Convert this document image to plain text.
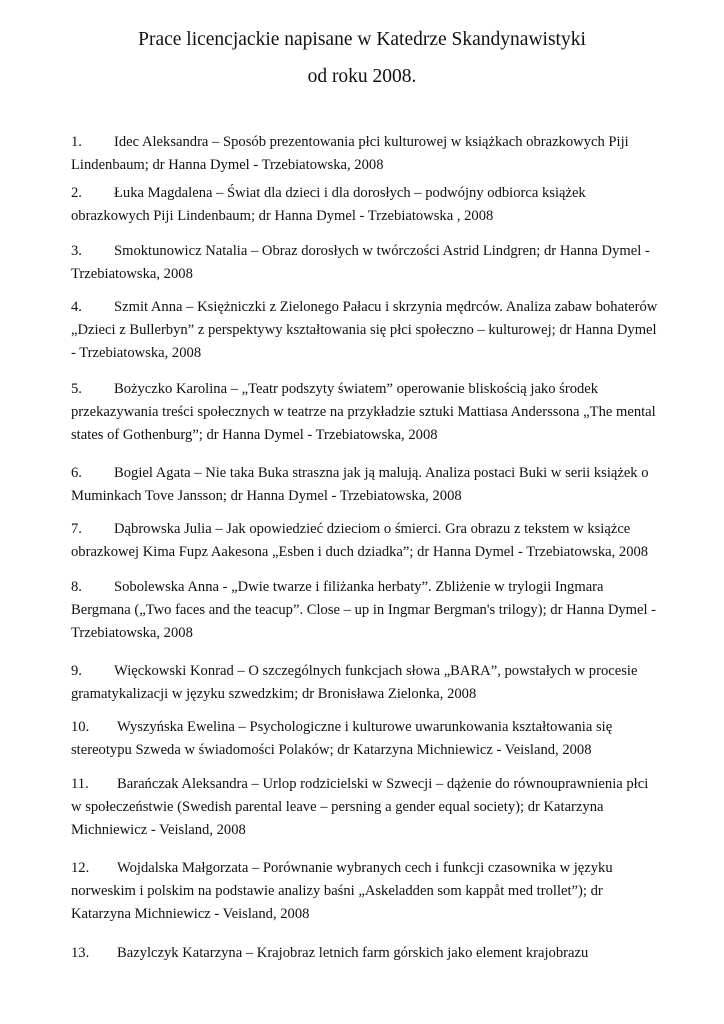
Prace licencjackie napisane w Katedrze Skandynawistyki
od roku 2008.

1. Idec Aleksandra – Sposób prezentowania płci kulturowej w książkach obrazkowych Piji Lindenbaum; dr Hanna Dymel - Trzebiatowska, 2008

2. Łuka Magdalena – Świat dla dzieci i dla dorosłych – podwójny odbiorca książek obrazkowych Piji Lindenbaum; dr Hanna Dymel - Trzebiatowska , 2008

3. Smoktunowicz Natalia – Obraz dorosłych w twórczości Astrid Lindgren; dr Hanna Dymel - Trzebiatowska, 2008

4. Szmit Anna – Księżniczki z Zielonego Pałacu i skrzynia mędrców. Analiza zabaw bohaterów „Dzieci z Bullerbyn” z perspektywy kształtowania się płci społeczno – kulturowej; dr Hanna Dymel - Trzebiatowska, 2008

5. Bożyczko Karolina – „Teatr podszyty światem” operowanie bliskością jako środek przekazywania treści społecznych w teatrze na przykładzie sztuki Mattiasa Anderssona „The mental states of Gothenburg”; dr Hanna Dymel - Trzebiatowska, 2008

6. Bogiel Agata – Nie taka Buka straszna jak ją malują. Analiza postaci Buki w serii książek o Muminkach Tove Jansson; dr Hanna Dymel - Trzebiatowska, 2008

7. Dąbrowska Julia – Jak opowiedzieć dzieciom o śmierci. Gra obrazu z tekstem w książce obrazkowej Kima Fupz Aakesona „Esben i duch dziadka”; dr Hanna Dymel - Trzebiatowska, 2008

8. Sobolewska Anna - „Dwie twarze i filiżanka herbaty”. Zbliżenie w trylogii Ingmara Bergmana („Two faces and the teacup”. Close – up in Ingmar Bergman's trilogy); dr Hanna Dymel - Trzebiatowska, 2008

9. Więckowski Konrad – O szczególnych funkcjach słowa „BARA”, powstałych w procesie gramatykalizacji w języku szwedzkim; dr Bronisława Zielonka, 2008

10. Wyszyńska Ewelina – Psychologiczne i kulturowe uwarunkowania kształtowania się stereotypu Szweda w świadomości Polaków; dr Katarzyna Michniewicz - Veisland, 2008

11. Barańczak Aleksandra – Urlop rodzicielski w Szwecji – dążenie do równouprawnienia płci w społeczeństwie (Swedish parental leave – persning a gender equal society); dr Katarzyna Michniewicz - Veisland, 2008

12. Wojdalska Małgorzata – Porównanie wybranych cech i funkcji czasownika w języku norweskim i polskim na podstawie analizy baśni „Askeladden som kappåt med trollet”); dr Katarzyna Michniewicz - Veisland, 2008

13. Bazylczyk Katarzyna – Krajobraz letnich farm górskich jako element krajobrazu
